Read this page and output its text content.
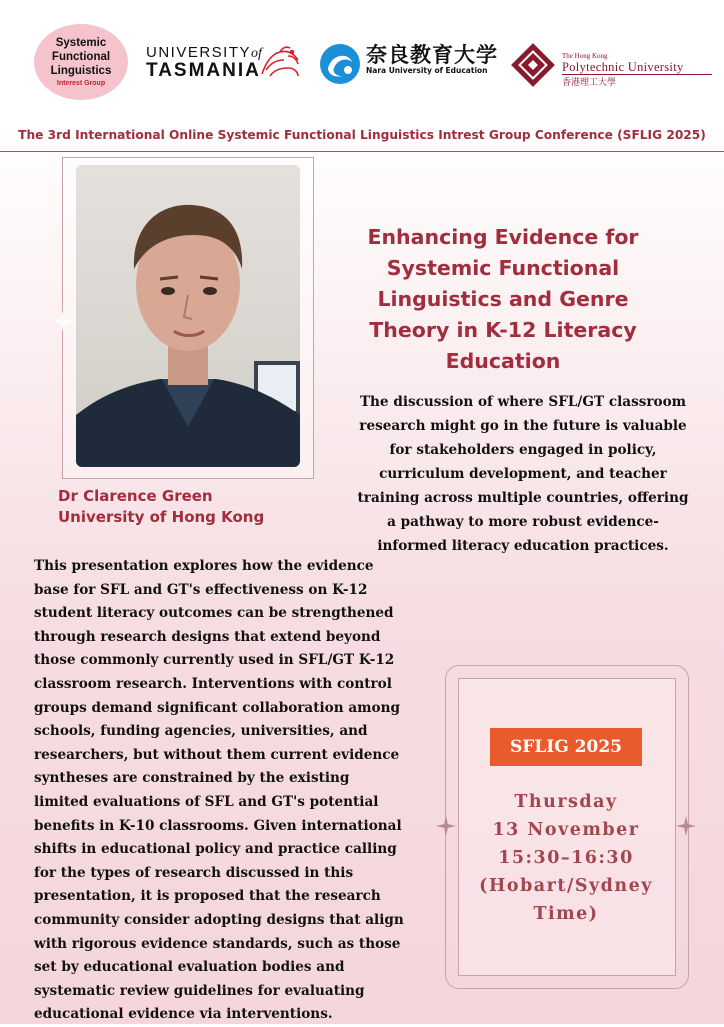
Systemic
Functional
Linguistics
Interest Group
UNIVERSITYof
TASMANIA
奈良教育大学
Nara University of Education
The Hong Kong
Polytechnic University
香港理工大學
The 3rd International Online Systemic Functional Linguistics Intrest Group Conference (SFLIG 2025)
Dr Clarence Green
University of Hong Kong
Enhancing Evidence for
Systemic Functional
Linguistics and Genre
Theory in K-12 Literacy
Education
The discussion of where SFL/GT classroom
research might go in the future is valuable
for stakeholders engaged in policy,
curriculum development, and teacher
training across multiple countries, offering
a pathway to more robust evidence-
informed literacy education practices.
This presentation explores how the evidence
base for SFL and GT's effectiveness on K-12
student literacy outcomes can be strengthened
through research designs that extend beyond
those commonly currently used in SFL/GT K-12
classroom research. Interventions with control
groups demand significant collaboration among
schools, funding agencies, universities, and
researchers, but without them current evidence
syntheses are constrained by the existing
limited evaluations of SFL and GT's potential
benefits in K-10 classrooms. Given international
shifts in educational policy and practice calling
for the types of research discussed in this
presentation, it is proposed that the research
community consider adopting designs that align
with rigorous evidence standards, such as those
set by educational evaluation bodies and
systematic review guidelines for evaluating
educational evidence via interventions.
SFLIG 2025
Thursday
13 November
15:30–16:30
(Hobart/Sydney
Time)
